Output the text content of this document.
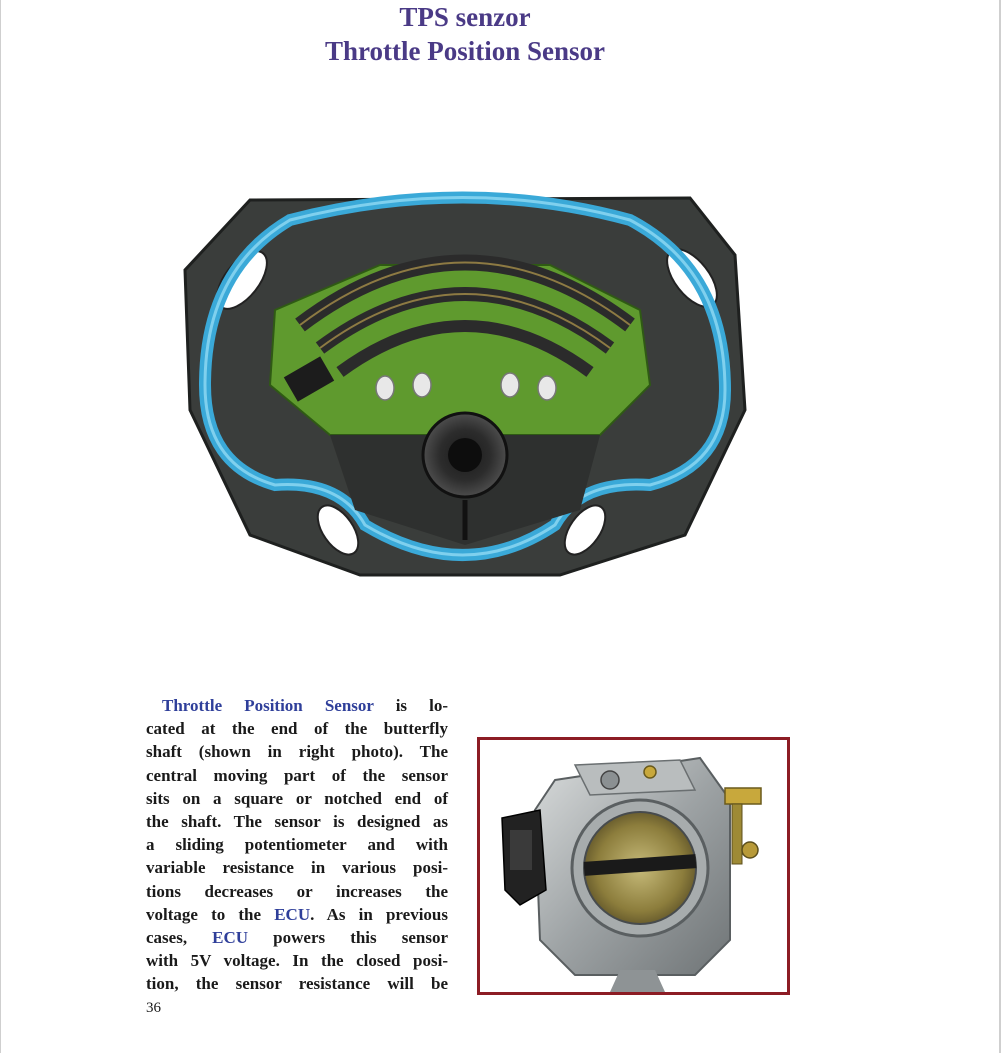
TPS senzor
Throttle Position Sensor
Throttle Position Sensor is lo-
cated at the end of the butterfly
shaft (shown in right photo). The
central moving part of the sensor
sits on a square or notched end of
the shaft. The sensor is designed as
a sliding potentiometer and with
variable resistance in various posi-
tions decreases or increases the
voltage to the ECU. As in previous
cases, ECU powers this sensor
with 5V voltage. In the closed posi-
tion, the sensor resistance will be
36
